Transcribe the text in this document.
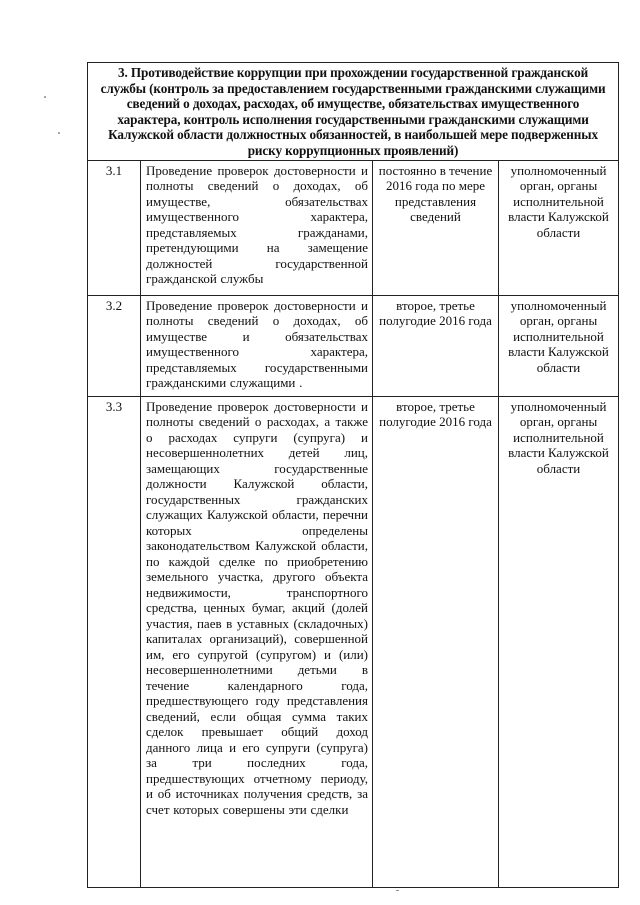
3. Противодействие коррупции при прохождении государственной гражданской службы (контроль за предоставлением государственными гражданскими служащими сведений о доходах, расходах, об имуществе, обязательствах имущественного характера, контроль исполнения государственными гражданскими служащими Калужской области должностных обязанностей, в наибольшей мере подверженных риску коррупционных проявлений)			
3.1	Проведение проверок достоверности и полноты сведений о доходах, об имуществе, обязательствах имущественного характера, представляемых гражданами, претендующими на замещение должностей государственной гражданской службы	постоянно в течение 2016 года по мере представления сведений	уполномоченный орган, органы исполнительной власти Калужской области
3.2	Проведение проверок достоверности и полноты сведений о доходах, об имуществе и обязательствах имущественного характера, представляемых государственными гражданскими служащими .	второе, третье полугодие 2016 года	уполномоченный орган, органы исполнительной власти Калужской области
3.3	Проведение проверок достоверности и полноты сведений о расходах, а также о расходах супруги (супруга) и несовершеннолетних детей лиц, замещающих государственные должности Калужской области, государственных гражданских служащих Калужской области, перечни которых определены законодательством Калужской области, по каждой сделке по приобретению земельного участка, другого объекта недвижимости, транспортного средства, ценных бумаг, акций (долей участия, паев в уставных (складочных) капиталах организаций), совершенной им, его супругой (супругом) и (или) несовершеннолетними детьми в течение календарного года, предшествующего году представления сведений, если общая сумма таких сделок превышает общий доход данного лица и его супруги (супруга) за три последних года, предшествующих отчетному периоду, и об источниках получения средств, за счет которых совершены эти сделки	второе, третье полугодие 2016 года	уполномоченный орган, органы исполнительной власти Калужской области
